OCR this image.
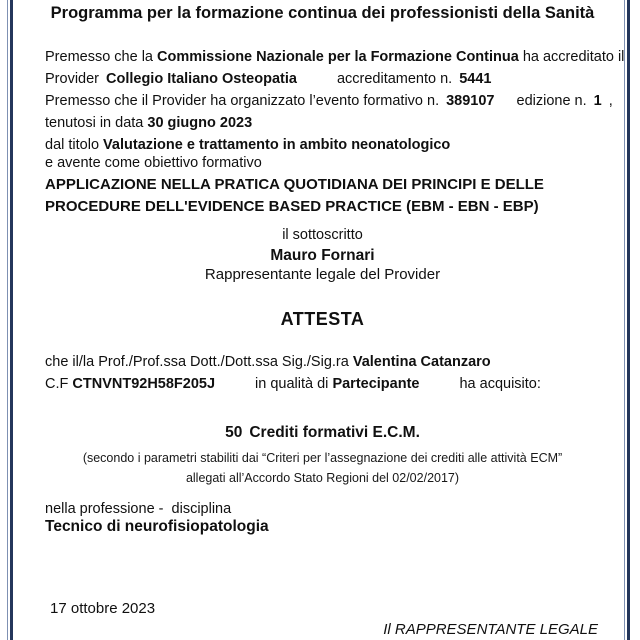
Programma per la formazione continua dei professionisti della Sanità
Premesso che la Commissione Nazionale per la Formazione Continua ha accreditato il
Provider Collegio Italiano Osteopatia	accreditamento n. 5441
Premesso che il Provider ha organizzato l’evento formativo n. 389107 edizione n. 1 ,
tenutosi in data 30 giugno 2023
dal titolo Valutazione e trattamento in ambito neonatologico
e avente come obiettivo formativo
APPLICAZIONE NELLA PRATICA QUOTIDIANA DEI PRINCIPI E DELLE PROCEDURE DELL'EVIDENCE BASED PRACTICE (EBM - EBN - EBP)
il sottoscritto
Mauro Fornari
Rappresentante legale del Provider
ATTESTA
che il/la Prof./Prof.ssa Dott./Dott.ssa Sig./Sig.ra Valentina Catanzaro
C.F CTNVNT92H58F205J	in qualità di Partecipante	ha acquisito:
50 Crediti formativi E.C.M.
(secondo i parametri stabiliti dai “Criteri per l’assegnazione dei crediti alle attività ECM”
allegati all’Accordo Stato Regioni del 02/02/2017)
nella professione -  disciplina
Tecnico di neurofisiopatologia
17 ottobre 2023
Il RAPPRESENTANTE LEGALE
